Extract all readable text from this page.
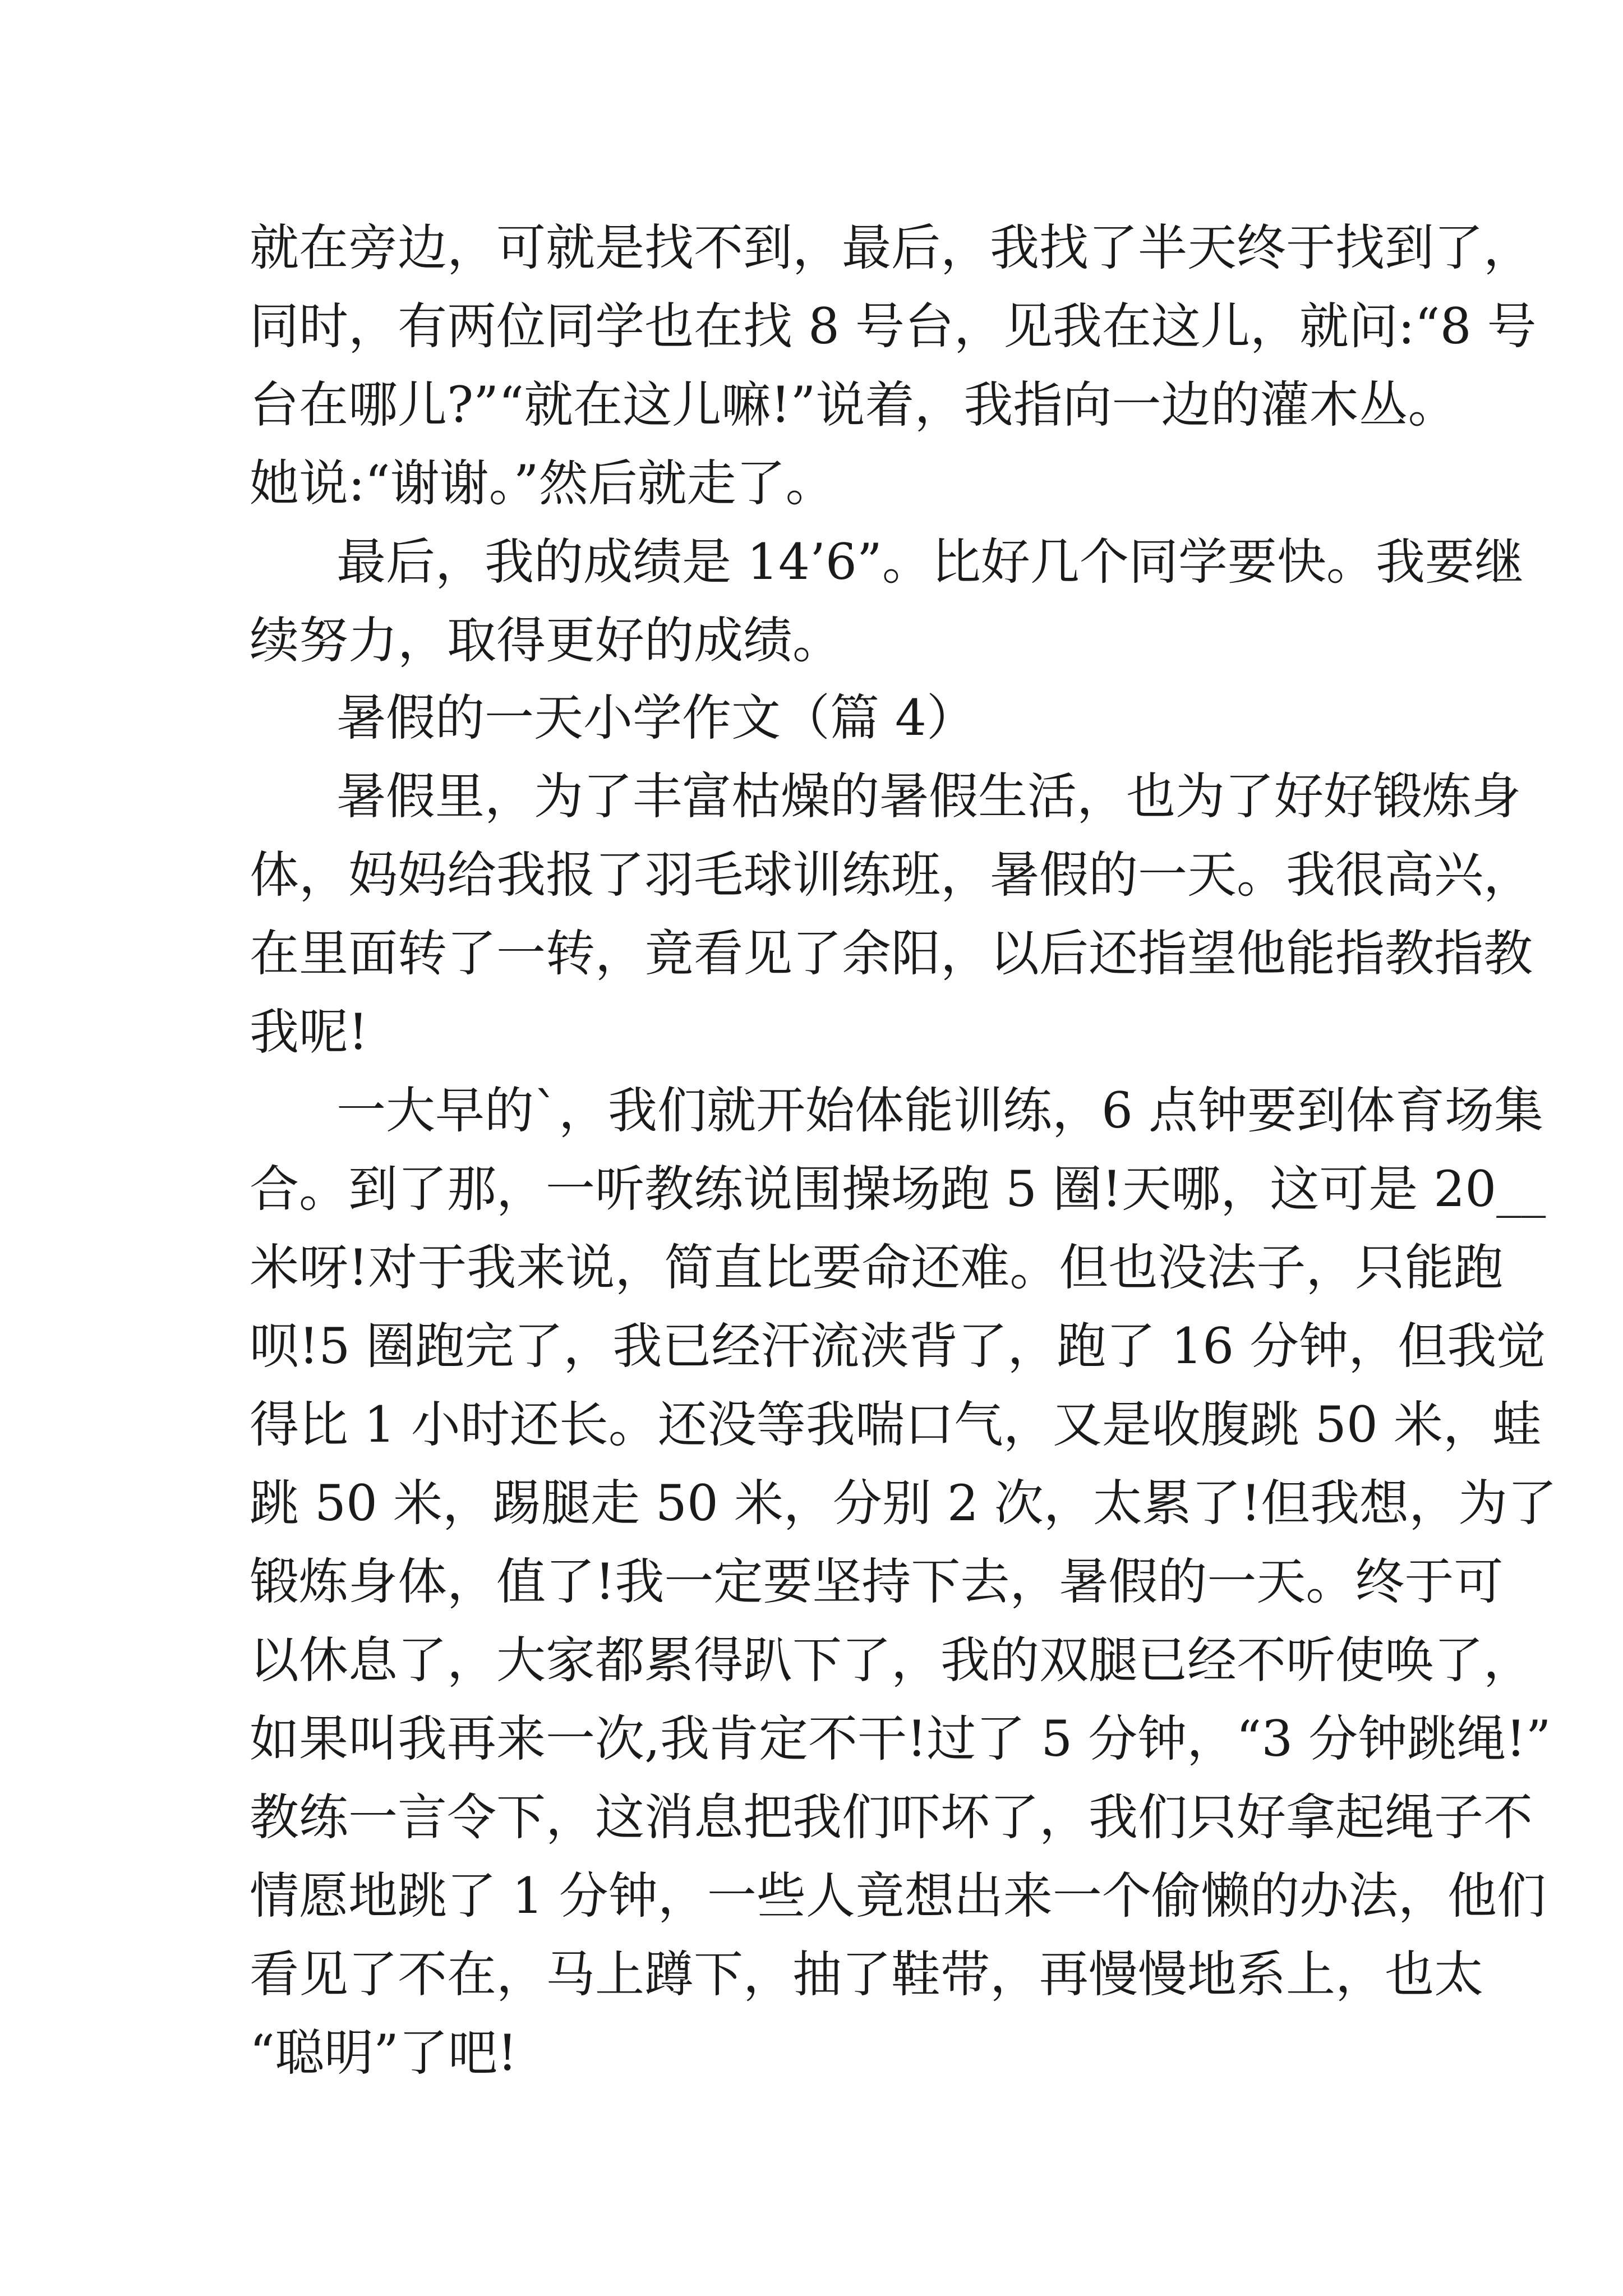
就在旁边，可就是找不到，最后，我找了半天终于找到了，
同时，有两位同学也在找 8 号台，见我在这儿，就问:“8 号
台在哪儿?”“就在这儿嘛!”说着，我指向一边的灌木丛。
她说:“谢谢。”然后就走了。
最后，我的成绩是 14’6”。比好几个同学要快。我要继
续努力，取得更好的成绩。
暑假的一天小学作文（篇 4）
暑假里，为了丰富枯燥的暑假生活，也为了好好锻炼身
体，妈妈给我报了羽毛球训练班，暑假的一天。我很高兴，
在里面转了一转，竟看见了余阳，以后还指望他能指教指教
我呢!
一大早的`，我们就开始体能训练，6 点钟要到体育场集
合。到了那，一听教练说围操场跑 5 圈!天哪，这可是 20__
米呀!对于我来说，简直比要命还难。但也没法子，只能跑
呗!5 圈跑完了，我已经汗流浃背了，跑了 16 分钟，但我觉
得比 1 小时还长。还没等我喘口气，又是收腹跳 50 米，蛙
跳 50 米，踢腿走 50 米，分别 2 次，太累了!但我想，为了
锻炼身体，值了!我一定要坚持下去，暑假的一天。终于可
以休息了，大家都累得趴下了，我的双腿已经不听使唤了，
如果叫我再来一次,我肯定不干!过了 5 分钟，“3 分钟跳绳!”
教练一言令下，这消息把我们吓坏了，我们只好拿起绳子不
情愿地跳了 1 分钟，一些人竟想出来一个偷懒的办法，他们
看见了不在，马上蹲下，抽了鞋带，再慢慢地系上，也太
“聪明”了吧!
